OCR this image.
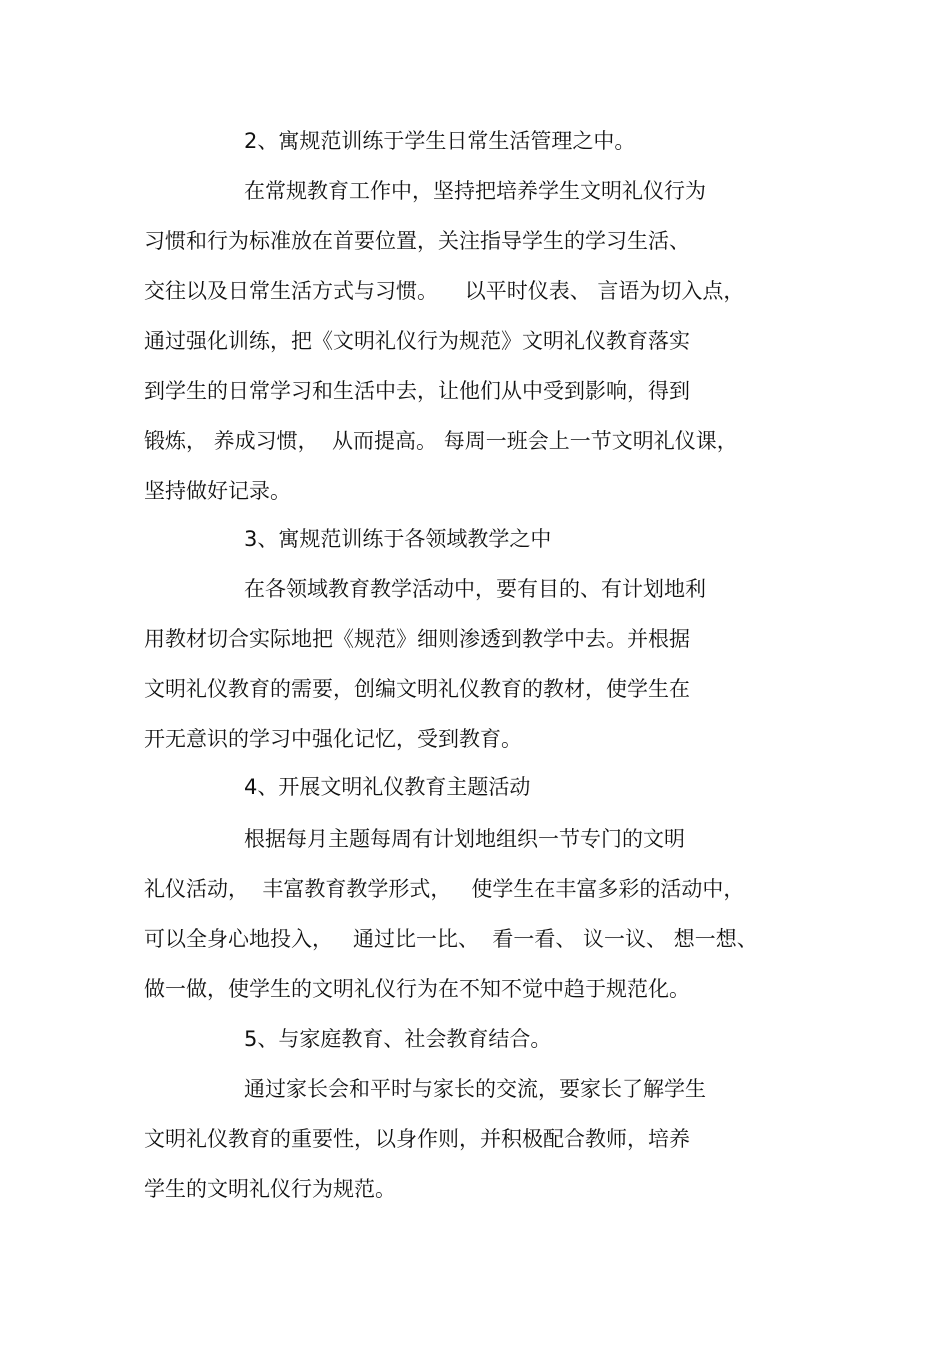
2、寓规范训练于学生日常生活管理之中。
在常规教育工作中，坚持把培养学生文明礼仪行为
习惯和行为标准放在首要位置，关注指导学生的学习生活、
交往以及日常生活方式与习惯。    以平时仪表、 言语为切入点，
通过强化训练，把《文明礼仪行为规范》文明礼仪教育落实
到学生的日常学习和生活中去，让他们从中受到影响，得到
锻炼， 养成习惯，  从而提高。 每周一班会上一节文明礼仪课，
坚持做好记录。
3、寓规范训练于各领域教学之中
在各领域教育教学活动中，要有目的、有计划地利
用教材切合实际地把《规范》细则渗透到教学中去。并根据
文明礼仪教育的需要，创编文明礼仪教育的教材，使学生在
开无意识的学习中强化记忆，受到教育。
4、开展文明礼仪教育主题活动
根据每月主题每周有计划地组织一节专门的文明
礼仪活动，  丰富教育教学形式，   使学生在丰富多彩的活动中，
可以全身心地投入，   通过比一比、  看一看、 议一议、 想一想、
做一做，使学生的文明礼仪行为在不知不觉中趋于规范化。
5、与家庭教育、社会教育结合。
通过家长会和平时与家长的交流，要家长了解学生
文明礼仪教育的重要性，以身作则，并积极配合教师，培养
学生的文明礼仪行为规范。
